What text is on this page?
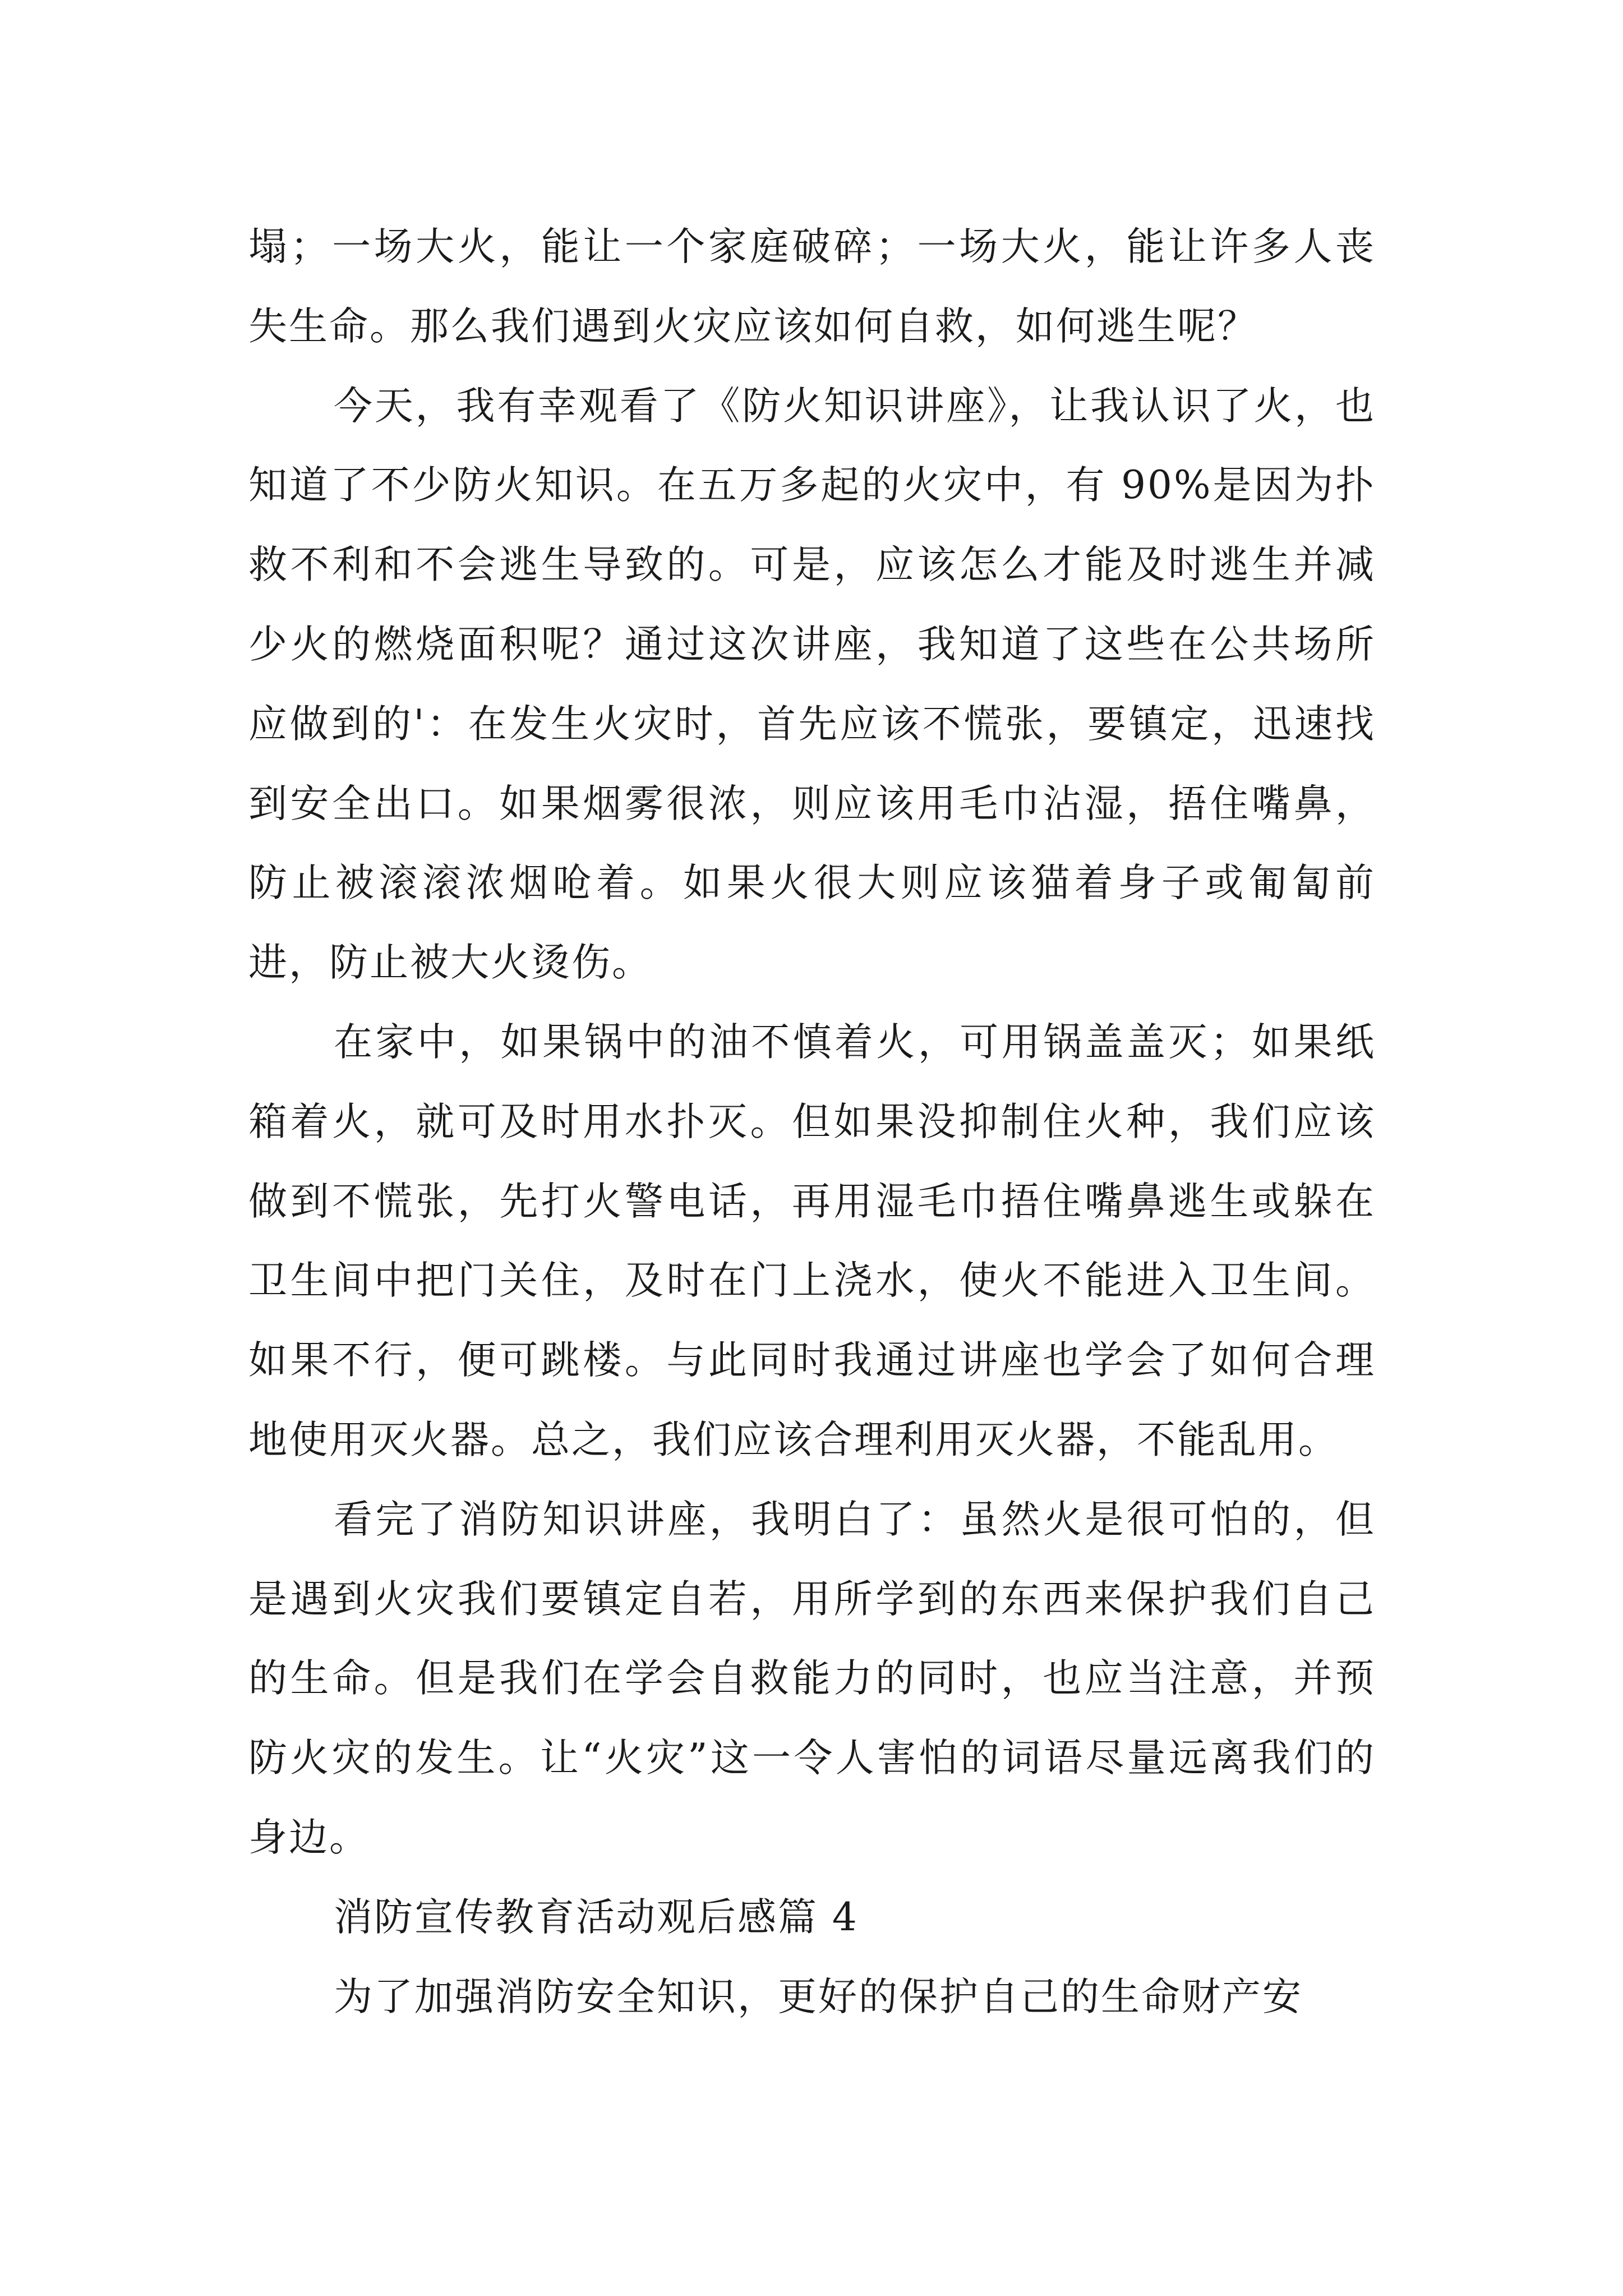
塌；一场大火，能让一个家庭破碎；一场大火，能让许多人丧失生命。那么我们遇到火灾应该如何自救，如何逃生呢？

今天，我有幸观看了《防火知识讲座》，让我认识了火，也知道了不少防火知识。在五万多起的火灾中，有 90%是因为扑救不利和不会逃生导致的。可是，应该怎么才能及时逃生并减少火的燃烧面积呢？通过这次讲座，我知道了这些在公共场所应做到的'：在发生火灾时，首先应该不慌张，要镇定，迅速找到安全出口。如果烟雾很浓，则应该用毛巾沾湿，捂住嘴鼻，防止被滚滚浓烟呛着。如果火很大则应该猫着身子或匍匐前进，防止被大火烫伤。

在家中，如果锅中的油不慎着火，可用锅盖盖灭；如果纸箱着火，就可及时用水扑灭。但如果没抑制住火种，我们应该做到不慌张，先打火警电话，再用湿毛巾捂住嘴鼻逃生或躲在卫生间中把门关住，及时在门上浇水，使火不能进入卫生间。如果不行，便可跳楼。与此同时我通过讲座也学会了如何合理地使用灭火器。总之，我们应该合理利用灭火器，不能乱用。

看完了消防知识讲座，我明白了：虽然火是很可怕的，但是遇到火灾我们要镇定自若，用所学到的东西来保护我们自己的生命。但是我们在学会自救能力的同时，也应当注意，并预防火灾的发生。让“火灾”这一令人害怕的词语尽量远离我们的身边。

消防宣传教育活动观后感篇 4

为了加强消防安全知识，更好的保护自己的生命财产安
